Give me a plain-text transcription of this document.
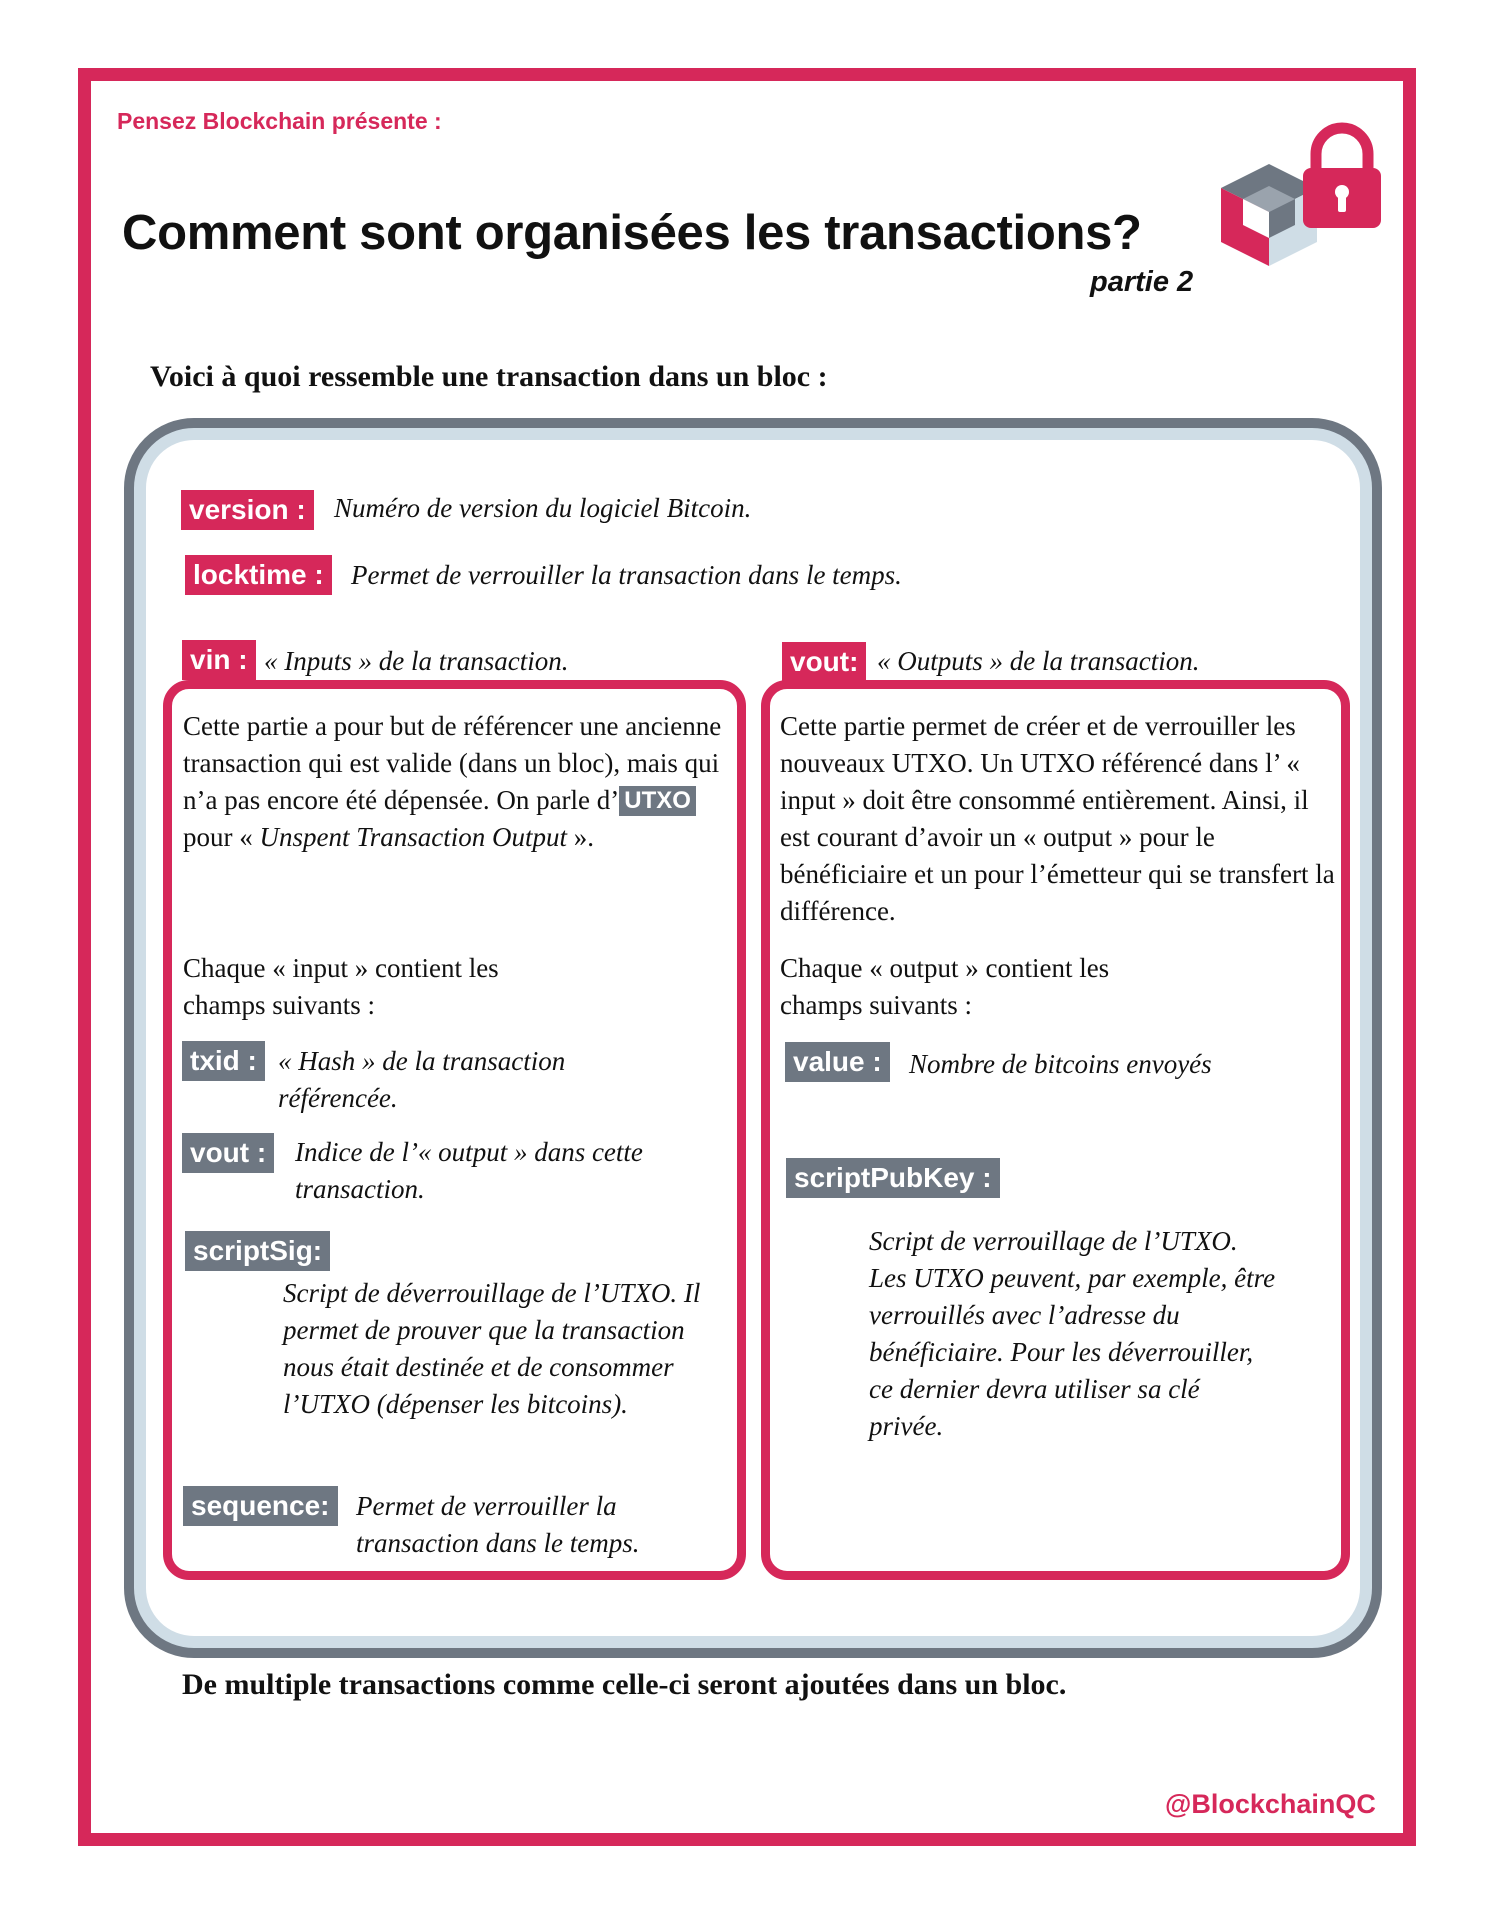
Pensez Blockchain présente :
Comment sont organisées les transactions?
partie 2
Voici à quoi ressemble une transaction dans un bloc :
version : Numéro de version du logiciel Bitcoin.
locktime : Permet de verrouiller la transaction dans le temps.
vin : « Inputs » de la transaction.	vout: « Outputs » de la transaction.
Cette partie a pour but de référencer une ancienne transaction qui est valide (dans un bloc), mais qui n’a pas encore été dépensée. On parle d’ UTXO pour « Unspent Transaction Output ».
Chaque « input » contient les champs suivants :
txid : « Hash » de la transaction référencée.
vout : Indice de l’« output » dans cette transaction.
scriptSig:
Script de déverrouillage de l’UTXO. Il permet de prouver que la transaction nous était destinée et de consommer l’UTXO (dépenser les bitcoins).
sequence: Permet de verrouiller la transaction dans le temps.
Cette partie permet de créer et de verrouiller les nouveaux UTXO. Un UTXO référencé dans l’ « input » doit être consommé entièrement. Ainsi, il est courant d’avoir un « output » pour le bénéficiaire et un pour l’émetteur qui se transfert la différence.
Chaque « output » contient les champs suivants :
value : Nombre de bitcoins envoyés
scriptPubKey :
Script de verrouillage de l’UTXO. Les UTXO peuvent, par exemple, être verrouillés avec l’adresse du bénéficiaire. Pour les déverrouiller, ce dernier devra utiliser sa clé privée.
De multiple transactions comme celle-ci seront ajoutées dans un bloc.
@BlockchainQC
